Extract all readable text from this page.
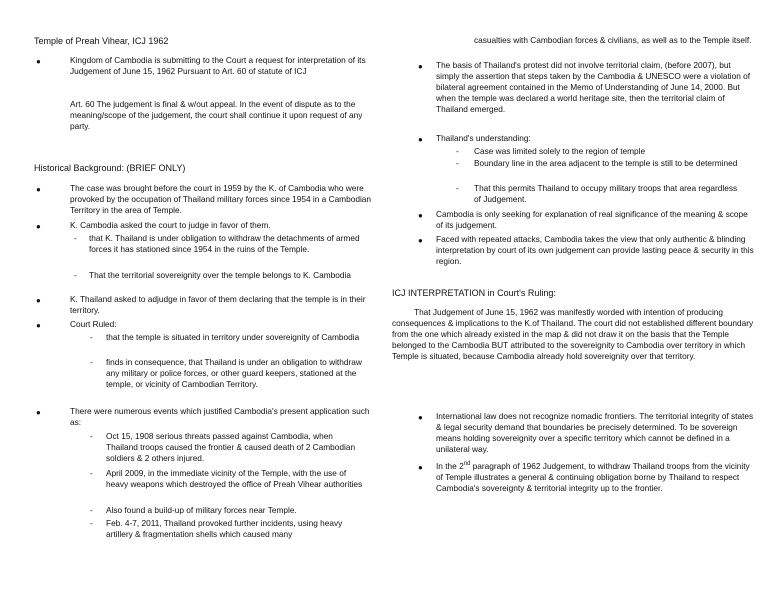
Temple of Preah Vihear, ICJ 1962
●	Kingdom of Cambodia is submitting to the Court a request for interpretation of its Judgement of June 15, 1962 Pursuant to Art. 60 of statute of ICJ
Art. 60 The judgement is final & w/out appeal. In the event of dispute as to the meaning/scope of the judgement, the court shall continue it upon request of any party.
Historical Background: (BRIEF ONLY)
●	The case was brought before the court in 1959 by the K. of Cambodia who were provoked by the occupation of Thailand military forces since 1954 in a Cambodian Territory in the area of Temple.
●	K. Cambodia asked the court to judge in favor of them.
- that K. Thailand is under obligation to withdraw the detachments of armed forces it has stationed since 1954 in the ruins of the Temple.
- That the territorial sovereignity over the temple belongs to K. Cambodia
●	K. Thailand asked to adjudge in favor of them declaring that the temple is in their territory.
●	Court Ruled:
- that the temple is situated in territory under sovereignity of Cambodia
- finds in consequence, that Thailand is under an obligation to withdraw any military or police forces, or other guard keepers, stationed at the temple, or vicinity of Cambodian Territory.
●	There were numerous events which justified Cambodia's present application such as:
- Oct 15, 1908 serious threats passed against Cambodia, when Thailand troops caused the frontier & caused death of 2 Cambodian soldiers & 2 others injured.
- April 2009, in the immediate vicinity of the Temple, with the use of heavy weapons which destroyed the office of Preah Vihear authorities
- Also found a build-up of military forces near Temple.
- Feb. 4-7, 2011, Thailand provoked further incidents, using heavy artillery & fragmentation shells which caused many
casualties with Cambodian forces & civilians, as well as to the Temple itself.
● The basis of Thailand's protest did not involve territorial claim, (before 2007), but simply the assertion that steps taken by the Cambodia & UNESCO were a violation of bilateral agreement contained in the Memo of Understanding of June 14, 2000. But when the temple was declared a world heritage site, then the territorial claim of Thailand emerged.
● Thailand's understanding:
- Case was limited solely to the region of temple
- Boundary line in the area adjacent to the temple is still to be determined
- That this permits Thailand to occupy military troops that area regardless of Judgement.
● Cambodia is only seeking for explanation of real significance of the meaning & scope of its judgement.
● Faced with repeated attacks, Cambodia takes the view that only authentic & blinding interpretation by court of its own judgement can provide lasting peace & security in this region.
ICJ INTERPRETATION in Court's Ruling:
That Judgement of June 15, 1962 was manifestly worded with intention of producing consequences & implications to the K.of Thailand. The court did not established different boundary from the one which already existed in the map & did not draw it on the basis that the Temple belonged to the Cambodia BUT attributed to the sovereignity to Cambodia over territory in which Temple is situated, because Cambodia already hold sovereignity over that territory.
● International law does not recognize nomadic frontiers. The territorial integrity of states & legal security demand that boundaries be precisely determined. To be sovereign means holding sovereignity over a specific territory which cannot be defined in a unilateral way.
● In the 2nd paragraph of 1962 Judgement, to withdraw Thailand troops from the vicinity of Temple illustrates a general & continuing obligation borne by Thailand to respect Cambodia's sovereignty & territorial integrity up to the frontier.
